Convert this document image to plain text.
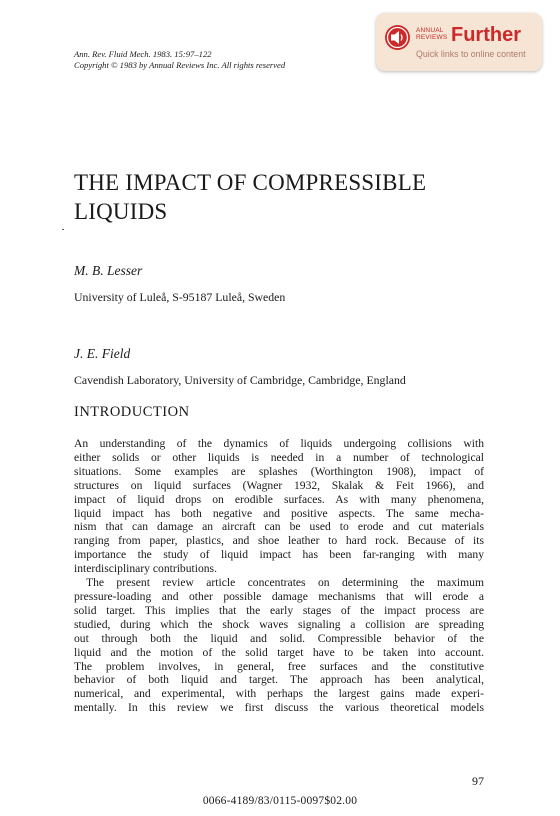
Ann. Rev. Fluid Mech. 1983. 15:97–122
Copyright © 1983 by Annual Reviews Inc. All rights reserved
ANNUAL
REVIEWS Further
Quick links to online content
THE IMPACT OF COMPRESSIBLE
LIQUIDS
M. B. Lesser
University of Luleå, S-95187 Luleå, Sweden
J. E. Field
Cavendish Laboratory, University of Cambridge, Cambridge, England
INTRODUCTION

An understanding of the dynamics of liquids undergoing collisions with
either solids or other liquids is needed in a number of technological
situations. Some examples are splashes (Worthington 1908), impact of
structures on liquid surfaces (Wagner 1932, Skalak & Feit 1966), and
impact of liquid drops on erodible surfaces. As with many phenomena,
liquid impact has both negative and positive aspects. The same mecha-
nism that can damage an aircraft can be used to erode and cut materials
ranging from paper, plastics, and shoe leather to hard rock. Because of its
importance the study of liquid impact has been far-ranging with many
interdisciplinary contributions.

The present review article concentrates on determining the maximum
pressure-loading and other possible damage mechanisms that will erode a
solid target. This implies that the early stages of the impact process are
studied, during which the shock waves signaling a collision are spreading
out through both the liquid and solid. Compressible behavior of the
liquid and the motion of the solid target have to be taken into account.
The problem involves, in general, free surfaces and the constitutive
behavior of both liquid and target. The approach has been analytical,
numerical, and experimental, with perhaps the largest gains made experi-
mentally. In this review we first discuss the various theoretical models

97
0066-4189/83/0115-0097$02.00
